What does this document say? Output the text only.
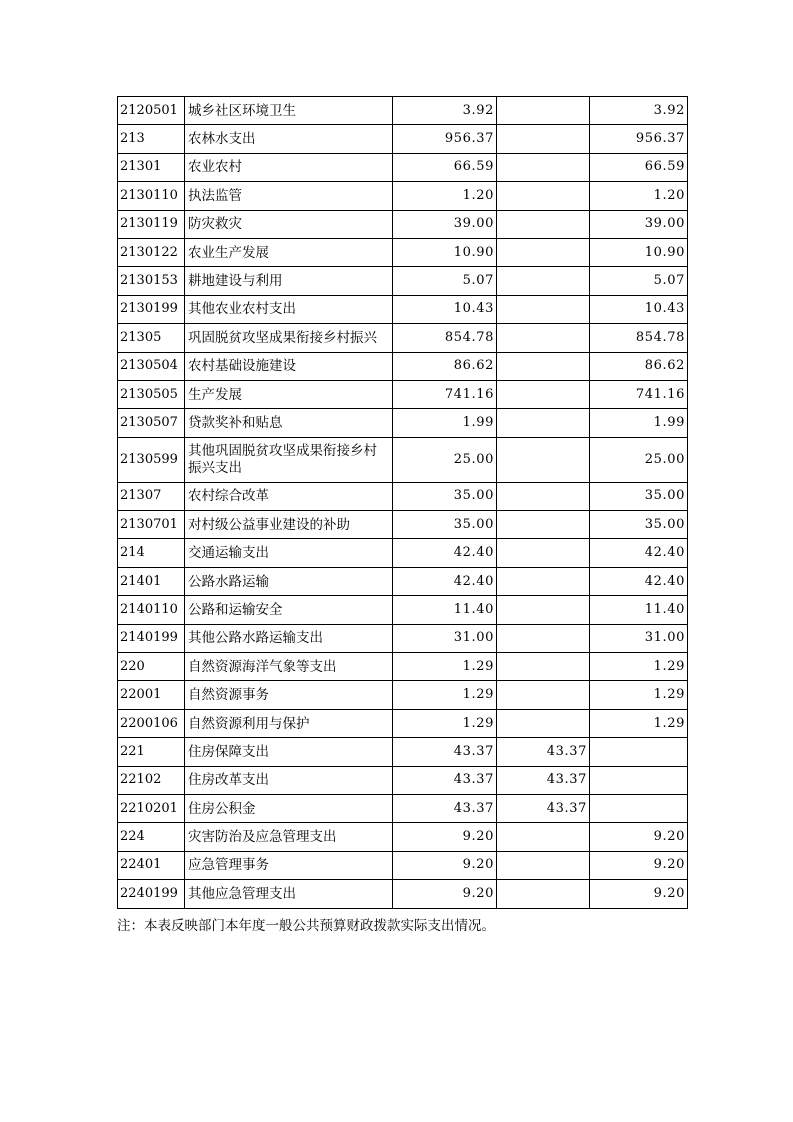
2120501	城乡社区环境卫生	3.92		3.92
213	农林水支出	956.37		956.37
21301	农业农村	66.59		66.59
2130110	执法监管	1.20		1.20
2130119	防灾救灾	39.00		39.00
2130122	农业生产发展	10.90		10.90
2130153	耕地建设与利用	5.07		5.07
2130199	其他农业农村支出	10.43		10.43
21305	巩固脱贫攻坚成果衔接乡村振兴	854.78		854.78
2130504	农村基础设施建设	86.62		86.62
2130505	生产发展	741.16		741.16
2130507	贷款奖补和贴息	1.99		1.99
2130599	其他巩固脱贫攻坚成果衔接乡村振兴支出	25.00		25.00
21307	农村综合改革	35.00		35.00
2130701	对村级公益事业建设的补助	35.00		35.00
214	交通运输支出	42.40		42.40
21401	公路水路运输	42.40		42.40
2140110	公路和运输安全	11.40		11.40
2140199	其他公路水路运输支出	31.00		31.00
220	自然资源海洋气象等支出	1.29		1.29
22001	自然资源事务	1.29		1.29
2200106	自然资源利用与保护	1.29		1.29
221	住房保障支出	43.37	43.37	
22102	住房改革支出	43.37	43.37	
2210201	住房公积金	43.37	43.37	
224	灾害防治及应急管理支出	9.20		9.20
22401	应急管理事务	9.20		9.20
2240199	其他应急管理支出	9.20		9.20
注：本表反映部门本年度一般公共预算财政拨款实际支出情况。
